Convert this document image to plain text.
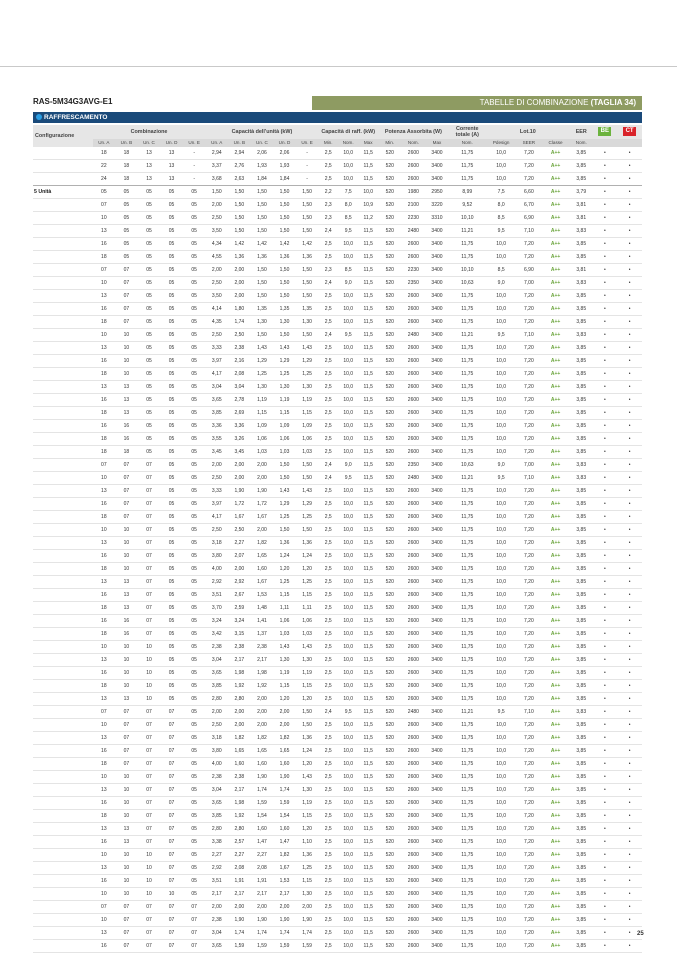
RAS-5M34G3AVG-E1	TABELLE DI COMBINAZIONE (TAGLIA 34)
RAFFRESCAMENTO
Configurazione	Combinazione					Capacità dell'unità (kW)					Capacità di raff. (kW)			Potenza Assorbita (W)			Corrente totale (A)	Lot.10			EER	BE	CT
	Un. A	Un. B	Un. C	Un. D	Un. E	Un. A	Un. B	Un. C	Un. D	Un. E	Min.	Nom.	Max	Min.	Nom.	Max	Nom.	Pdesign	SEER	Classe	Nom.		
	18	18	13	13	-	2,94	2,94	2,06	2,06	-	2,5	10,0	11,5	520	2600	3400	11,75	10,0	7,20	A++	3,85	•	•
	22	18	13	13	-	3,37	2,76	1,93	1,93	-	2,5	10,0	11,5	520	2600	3400	11,75	10,0	7,20	A++	3,85	•	•
	24	18	13	13	-	3,68	2,63	1,84	1,84	-	2,5	10,0	11,5	520	2600	3400	11,75	10,0	7,20	A++	3,85	•	•
5 Unità	05	05	05	05	05	1,50	1,50	1,50	1,50	1,50	2,2	7,5	10,0	520	1980	2950	8,99	7,5	6,60	A++	3,79	•	•
	07	05	05	05	05	2,00	1,50	1,50	1,50	1,50	2,3	8,0	10,9	520	2100	3220	9,52	8,0	6,70	A++	3,81	•	•
	10	05	05	05	05	2,50	1,50	1,50	1,50	1,50	2,3	8,5	11,2	520	2230	3310	10,10	8,5	6,90	A++	3,81	•	•
	13	05	05	05	05	3,50	1,50	1,50	1,50	1,50	2,4	9,5	11,5	520	2480	3400	11,21	9,5	7,10	A++	3,83	•	•
	16	05	05	05	05	4,34	1,42	1,42	1,42	1,42	2,5	10,0	11,5	520	2600	3400	11,75	10,0	7,20	A++	3,85	•	•
	18	05	05	05	05	4,55	1,36	1,36	1,36	1,36	2,5	10,0	11,5	520	2600	3400	11,75	10,0	7,20	A++	3,85	•	•
	07	07	05	05	05	2,00	2,00	1,50	1,50	1,50	2,3	8,5	11,5	520	2230	3400	10,10	8,5	6,90	A++	3,81	•	•
	10	07	05	05	05	2,50	2,00	1,50	1,50	1,50	2,4	9,0	11,5	520	2350	3400	10,63	9,0	7,00	A++	3,83	•	•
	13	07	05	05	05	3,50	2,00	1,50	1,50	1,50	2,5	10,0	11,5	520	2600	3400	11,75	10,0	7,20	A++	3,85	•	•
	16	07	05	05	05	4,14	1,80	1,35	1,35	1,35	2,5	10,0	11,5	520	2600	3400	11,75	10,0	7,20	A++	3,85	•	•
	18	07	05	05	05	4,35	1,74	1,30	1,30	1,30	2,5	10,0	11,5	520	2600	3400	11,75	10,0	7,20	A++	3,85	•	•
	10	10	05	05	05	2,50	2,50	1,50	1,50	1,50	2,4	9,5	11,5	520	2480	3400	11,21	9,5	7,10	A++	3,83	•	•
	13	10	05	05	05	3,33	2,38	1,43	1,43	1,43	2,5	10,0	11,5	520	2600	3400	11,75	10,0	7,20	A++	3,85	•	•
	16	10	05	05	05	3,97	2,16	1,29	1,29	1,29	2,5	10,0	11,5	520	2600	3400	11,75	10,0	7,20	A++	3,85	•	•
	18	10	05	05	05	4,17	2,08	1,25	1,25	1,25	2,5	10,0	11,5	520	2600	3400	11,75	10,0	7,20	A++	3,85	•	•
	13	13	05	05	05	3,04	3,04	1,30	1,30	1,30	2,5	10,0	11,5	520	2600	3400	11,75	10,0	7,20	A++	3,85	•	•
	16	13	05	05	05	3,65	2,78	1,19	1,19	1,19	2,5	10,0	11,5	520	2600	3400	11,75	10,0	7,20	A++	3,85	•	•
	18	13	05	05	05	3,85	2,69	1,15	1,15	1,15	2,5	10,0	11,5	520	2600	3400	11,75	10,0	7,20	A++	3,85	•	•
	16	16	05	05	05	3,36	3,36	1,09	1,09	1,09	2,5	10,0	11,5	520	2600	3400	11,75	10,0	7,20	A++	3,85	•	•
	18	16	05	05	05	3,55	3,26	1,06	1,06	1,06	2,5	10,0	11,5	520	2600	3400	11,75	10,0	7,20	A++	3,85	•	•
	18	18	05	05	05	3,45	3,45	1,03	1,03	1,03	2,5	10,0	11,5	520	2600	3400	11,75	10,0	7,20	A++	3,85	•	•
	07	07	07	05	05	2,00	2,00	2,00	1,50	1,50	2,4	9,0	11,5	520	2350	3400	10,63	9,0	7,00	A++	3,83	•	•
	10	07	07	05	05	2,50	2,00	2,00	1,50	1,50	2,4	9,5	11,5	520	2480	3400	11,21	9,5	7,10	A++	3,83	•	•
	13	07	07	05	05	3,33	1,90	1,90	1,43	1,43	2,5	10,0	11,5	520	2600	3400	11,75	10,0	7,20	A++	3,85	•	•
	16	07	07	05	05	3,97	1,72	1,72	1,29	1,29	2,5	10,0	11,5	520	2600	3400	11,75	10,0	7,20	A++	3,85	•	•
	18	07	07	05	05	4,17	1,67	1,67	1,25	1,25	2,5	10,0	11,5	520	2600	3400	11,75	10,0	7,20	A++	3,85	•	•
	10	10	07	05	05	2,50	2,50	2,00	1,50	1,50	2,5	10,0	11,5	520	2600	3400	11,75	10,0	7,20	A++	3,85	•	•
	13	10	07	05	05	3,18	2,27	1,82	1,36	1,36	2,5	10,0	11,5	520	2600	3400	11,75	10,0	7,20	A++	3,85	•	•
	16	10	07	05	05	3,80	2,07	1,65	1,24	1,24	2,5	10,0	11,5	520	2600	3400	11,75	10,0	7,20	A++	3,85	•	•
	18	10	07	05	05	4,00	2,00	1,60	1,20	1,20	2,5	10,0	11,5	520	2600	3400	11,75	10,0	7,20	A++	3,85	•	•
	13	13	07	05	05	2,92	2,92	1,67	1,25	1,25	2,5	10,0	11,5	520	2600	3400	11,75	10,0	7,20	A++	3,85	•	•
	16	13	07	05	05	3,51	2,67	1,53	1,15	1,15	2,5	10,0	11,5	520	2600	3400	11,75	10,0	7,20	A++	3,85	•	•
	18	13	07	05	05	3,70	2,59	1,48	1,11	1,11	2,5	10,0	11,5	520	2600	3400	11,75	10,0	7,20	A++	3,85	•	•
	16	16	07	05	05	3,24	3,24	1,41	1,06	1,06	2,5	10,0	11,5	520	2600	3400	11,75	10,0	7,20	A++	3,85	•	•
	18	16	07	05	05	3,42	3,15	1,37	1,03	1,03	2,5	10,0	11,5	520	2600	3400	11,75	10,0	7,20	A++	3,85	•	•
	10	10	10	05	05	2,38	2,38	2,38	1,43	1,43	2,5	10,0	11,5	520	2600	3400	11,75	10,0	7,20	A++	3,85	•	•
	13	10	10	05	05	3,04	2,17	2,17	1,30	1,30	2,5	10,0	11,5	520	2600	3400	11,75	10,0	7,20	A++	3,85	•	•
	16	10	10	05	05	3,65	1,98	1,98	1,19	1,19	2,5	10,0	11,5	520	2600	3400	11,75	10,0	7,20	A++	3,85	•	•
	18	10	10	05	05	3,85	1,92	1,92	1,15	1,15	2,5	10,0	11,5	520	2600	3400	11,75	10,0	7,20	A++	3,85	•	•
	13	13	10	05	05	2,80	2,80	2,00	1,20	1,20	2,5	10,0	11,5	520	2600	3400	11,75	10,0	7,20	A++	3,85	•	•
	07	07	07	07	05	2,00	2,00	2,00	2,00	1,50	2,4	9,5	11,5	520	2480	3400	11,21	9,5	7,10	A++	3,83	•	•
	10	07	07	07	05	2,50	2,00	2,00	2,00	1,50	2,5	10,0	11,5	520	2600	3400	11,75	10,0	7,20	A++	3,85	•	•
	13	07	07	07	05	3,18	1,82	1,82	1,82	1,36	2,5	10,0	11,5	520	2600	3400	11,75	10,0	7,20	A++	3,85	•	•
	16	07	07	07	05	3,80	1,65	1,65	1,65	1,24	2,5	10,0	11,5	520	2600	3400	11,75	10,0	7,20	A++	3,85	•	•
	18	07	07	07	05	4,00	1,60	1,60	1,60	1,20	2,5	10,0	11,5	520	2600	3400	11,75	10,0	7,20	A++	3,85	•	•
	10	10	07	07	05	2,38	2,38	1,90	1,90	1,43	2,5	10,0	11,5	520	2600	3400	11,75	10,0	7,20	A++	3,85	•	•
	13	10	07	07	05	3,04	2,17	1,74	1,74	1,30	2,5	10,0	11,5	520	2600	3400	11,75	10,0	7,20	A++	3,85	•	•
	16	10	07	07	05	3,65	1,98	1,59	1,59	1,19	2,5	10,0	11,5	520	2600	3400	11,75	10,0	7,20	A++	3,85	•	•
	18	10	07	07	05	3,85	1,92	1,54	1,54	1,15	2,5	10,0	11,5	520	2600	3400	11,75	10,0	7,20	A++	3,85	•	•
	13	13	07	07	05	2,80	2,80	1,60	1,60	1,20	2,5	10,0	11,5	520	2600	3400	11,75	10,0	7,20	A++	3,85	•	•
	16	13	07	07	05	3,38	2,57	1,47	1,47	1,10	2,5	10,0	11,5	520	2600	3400	11,75	10,0	7,20	A++	3,85	•	•
	10	10	10	07	05	2,27	2,27	2,27	1,82	1,36	2,5	10,0	11,5	520	2600	3400	11,75	10,0	7,20	A++	3,85	•	•
	13	10	10	07	05	2,92	2,08	2,08	1,67	1,25	2,5	10,0	11,5	520	2600	3400	11,75	10,0	7,20	A++	3,85	•	•
	16	10	10	07	05	3,51	1,91	1,91	1,53	1,15	2,5	10,0	11,5	520	2600	3400	11,75	10,0	7,20	A++	3,85	•	•
	10	10	10	10	05	2,17	2,17	2,17	2,17	1,30	2,5	10,0	11,5	520	2600	3400	11,75	10,0	7,20	A++	3,85	•	•
	07	07	07	07	07	2,00	2,00	2,00	2,00	2,00	2,5	10,0	11,5	520	2600	3400	11,75	10,0	7,20	A++	3,85	•	•
	10	07	07	07	07	2,38	1,90	1,90	1,90	1,90	2,5	10,0	11,5	520	2600	3400	11,75	10,0	7,20	A++	3,85	•	•
	13	07	07	07	07	3,04	1,74	1,74	1,74	1,74	2,5	10,0	11,5	520	2600	3400	11,75	10,0	7,20	A++	3,85	•	•
	16	07	07	07	07	3,65	1,59	1,59	1,59	1,59	2,5	10,0	11,5	520	2600	3400	11,75	10,0	7,20	A++	3,85	•	•
25
